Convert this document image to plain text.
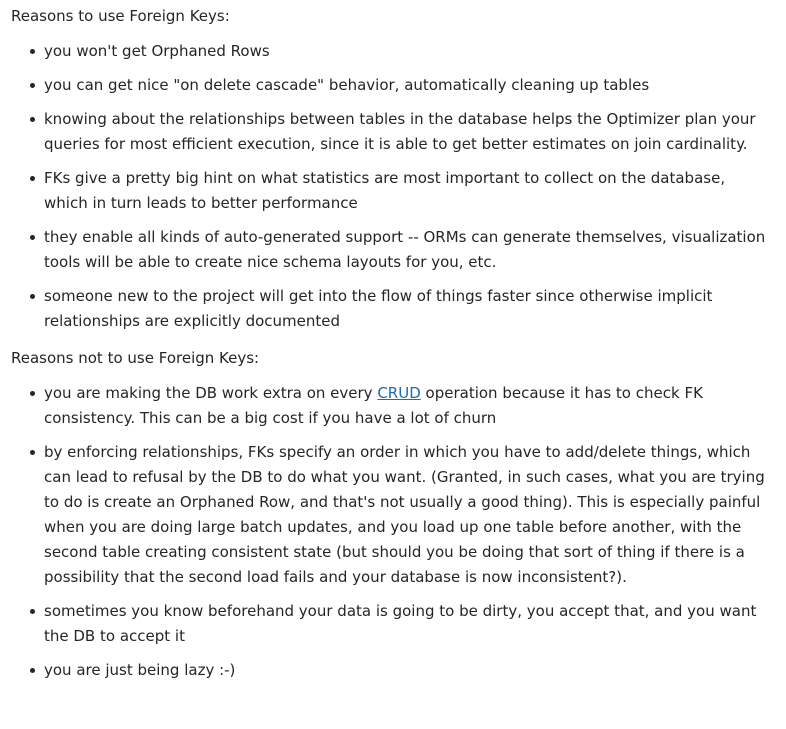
Reasons to use Foreign Keys:

you won't get Orphaned Rows
you can get nice "on delete cascade" behavior, automatically cleaning up tables
knowing about the relationships between tables in the database helps the Optimizer plan your queries for most efficient execution, since it is able to get better estimates on join cardinality.
FKs give a pretty big hint on what statistics are most important to collect on the database, which in turn leads to better performance
they enable all kinds of auto-generated support -- ORMs can generate themselves, visualization tools will be able to create nice schema layouts for you, etc.
someone new to the project will get into the flow of things faster since otherwise implicit relationships are explicitly documented

Reasons not to use Foreign Keys:

you are making the DB work extra on every CRUD operation because it has to check FK consistency. This can be a big cost if you have a lot of churn
by enforcing relationships, FKs specify an order in which you have to add/delete things, which can lead to refusal by the DB to do what you want. (Granted, in such cases, what you are trying to do is create an Orphaned Row, and that's not usually a good thing). This is especially painful when you are doing large batch updates, and you load up one table before another, with the second table creating consistent state (but should you be doing that sort of thing if there is a possibility that the second load fails and your database is now inconsistent?).
sometimes you know beforehand your data is going to be dirty, you accept that, and you want the DB to accept it
you are just being lazy :-)
